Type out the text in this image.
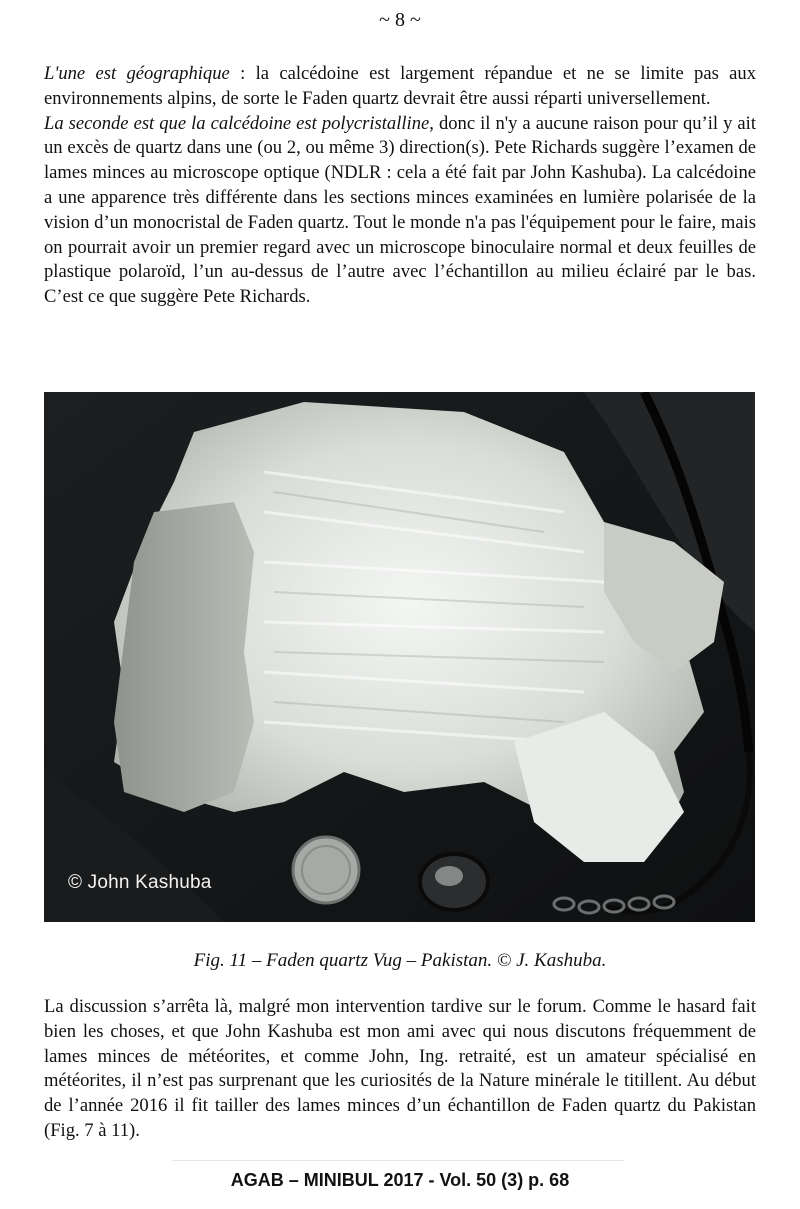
~ 8 ~

L'une est géographique : la calcédoine est largement répandue et ne se limite pas aux environnements alpins, de sorte le Faden quartz devrait être aussi réparti universellement.

La seconde est que la calcédoine est polycristalline, donc il n'y a aucune raison pour qu’il y ait un excès de quartz dans une (ou 2, ou même 3) direction(s). Pete Richards suggère l’examen de lames minces au microscope optique (NDLR : cela a été fait par John Kashuba). La calcédoine a une apparence très différente dans les sections minces examinées en lumière polarisée de la vision d’un monocristal de Faden quartz. Tout le monde n'a pas l'équipement pour le faire, mais on pourrait avoir un premier regard avec un microscope binoculaire normal et deux feuilles de plastique polaroïd, l’un au-dessus de l’autre avec l’échantillon au milieu éclairé par le bas. C’est ce que suggère Pete Richards.

© John Kashuba
Fig. 11 – Faden quartz Vug – Pakistan. © J. Kashuba.

La discussion s’arrêta là, malgré mon intervention tardive sur le forum. Comme le hasard fait bien les choses, et que John Kashuba est mon ami avec qui nous discutons fréquemment de lames minces de météorites, et comme John, Ing. retraité, est un amateur spécialisé en météorites, il n’est pas surprenant que les curiosités de la Nature minérale le titillent. Au début de l’année 2016 il fit tailler des lames minces d’un échantillon de Faden quartz du Pakistan (Fig. 7 à 11).

AGAB – MINIBUL 2017 - Vol. 50 (3) p. 68
